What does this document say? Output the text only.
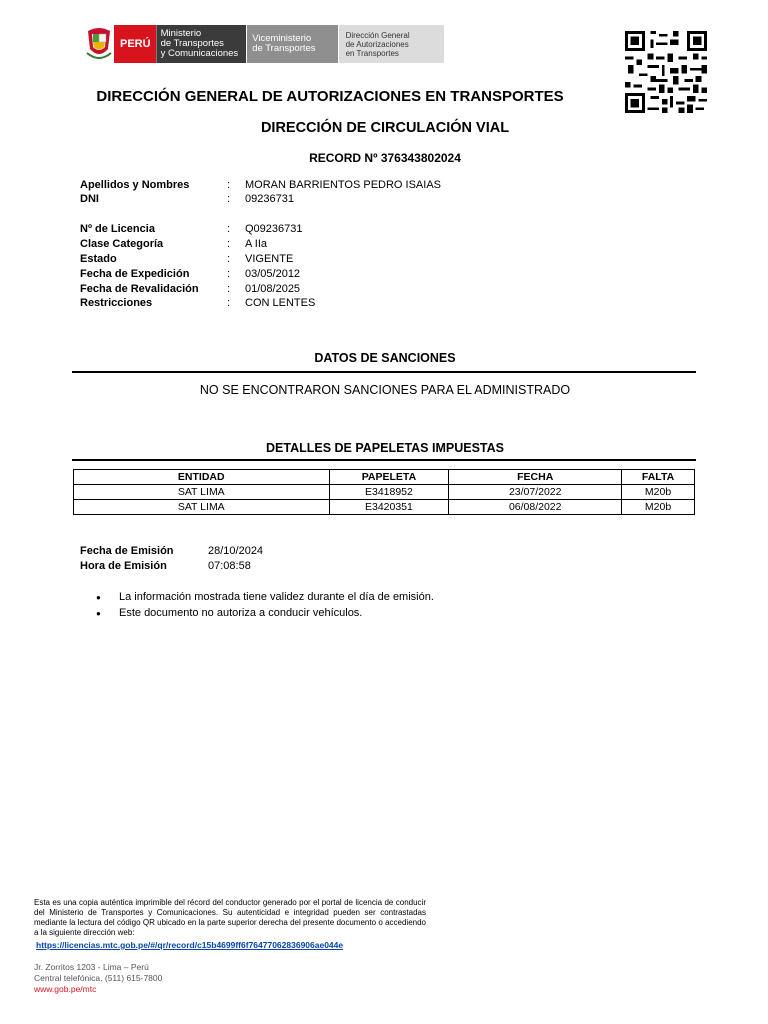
PERÚ
Ministerio
de Transportes
y Comunicaciones
Viceministerio
de Transportes
Dirección General
de Autorizaciones
en Transportes
DIRECCIÓN GENERAL DE AUTORIZACIONES EN TRANSPORTES
DIRECCIÓN DE CIRCULACIÓN VIAL
RECORD Nº 376343802024
Apellidos y Nombres	: MORAN BARRIENTOS PEDRO ISAIAS
DNI	: 09236731
Nº de Licencia	: Q09236731
Clase Categoría	: A IIa
Estado	: VIGENTE
Fecha de Expedición	: 03/05/2012
Fecha de Revalidación	: 01/08/2025
Restricciones	: CON LENTES
DATOS DE SANCIONES
NO SE ENCONTRARON SANCIONES PARA EL ADMINISTRADO
DETALLES DE PAPELETAS IMPUESTAS
ENTIDAD	PAPELETA	FECHA	FALTA
SAT LIMA	E3418952	23/07/2022	M20b
SAT LIMA	E3420351	06/08/2022	M20b
Fecha de Emisión	28/10/2024
Hora de Emisión	07:08:58
● La información mostrada tiene validez durante el día de emisión.
● Este documento no autoriza a conducir vehículos.
Esta es una copia auténtica imprimible del récord del conductor generado por el portal de licencia de conducir del Ministerio de Transportes y Comunicaciones. Su autenticidad e integridad pueden ser contrastadas mediante la lectura del código QR ubicado en la parte superior derecha del presente documento o accediendo a la siguiente dirección web:
https://licencias.mtc.gob.pe/#/qr/record/c15b4699ff6f76477062836906ae044e
Jr. Zorritos 1203 - Lima – Perú
Central telefónica. (511) 615-7800
www.gob.pe/mtc
